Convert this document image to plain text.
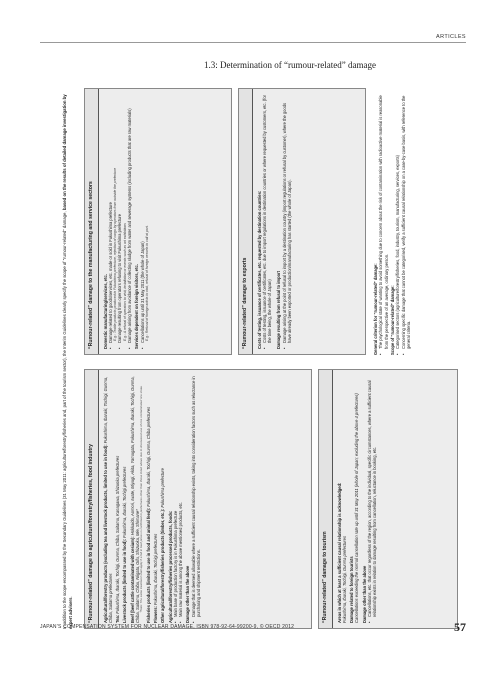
ARTICLES
1.3: Determination of “rumour-related” damage
In addition to the scope encompassed by the Secondary Guidelines (31 May 2011: agriculture/forestry/fisheries and, part of the tourism sector), the Interim Guidelines clearly specify the scope of “rumour-related” damage, based on the results of detailed damage investigation by expert advisers.	“Rumour-related” damage to agriculture/forestry/fisheries, food industry	Agricultural/forestry products (excluding tea and livestock products, limited to use in food): Fukushima, Ibaraki, Tochigi, Gunma, Chiba, Saitama prefectures Tea: Fukushima, Ibaraki, Tochigi, Gunma, Chiba, Saitama, Kanagawa, Shizuoka prefectures Livestock products (limited to use in food): Fukushima, Ibaraki, Tochigi prefectures
Beef (beef cattle contaminated with cesium): Hokkaido, Aomori, Iwate, Miyagi, Akita, Yamagata, Fukushima, Ibaraki, Tochigi, Gunma, Chiba, Saitama, Chiba, Niigata, Gifu, Shizuoka, Mie, Shimane* *Note: The same treatment shall apply if a fall in beef prices is confirmed in prefectures other than those listed above due to discovered use of rice contaminated rice straw. Fisheries products (limited to use in food and animal feed): Fukushima, Ibaraki, Tochigi, Gunma, Chiba prefectures
Flowers: Fukushima, Ibaraki, Tochigi prefectures Other agricultural/forestry/fisheries products (timber, etc.): Fukushima prefecture
Agricultural/forestry/fisheries processed products, foods: • Main base of production factory is in Fukushima prefecture • Main raw material is among the above mentioned products, etc. Damage other than the above • Damage that is deemed allowable where a sufficient causal relationship exists, taking into consideration factors such as reluctance in purchasing and shipment restrictions.	“Rumour-related” damage to tourism	Areas in which at least a sufficient causal relationship is acknowledged: Fukushima, Ibaraki, Tochigi, Gunma prefectures Damage related to foreign tourists Cancellations exceeding the normal cancellation rate up until 31 May 2011 (whole of Japan; excluding the above 4 prefectures) Damage other than the above • Cancellations, etc. that occur regardless of the region, according to the individual, specific circumstances, where a sufficient causal relationship exists in relation to damage resulting from cancellation, reluctance in booking, etc.
“Rumour-related” damage to the manufacturing and service sectors	Domestic manufacturing/services, etc. • Damage related to goods/services, etc. made or sold in Fukushima prefecture E.g.: Textile products produced in Fukushima prefecture, rejection of cargo by operators from outside the prefecture • Damage resulting from operators refusing to visit Fukushima prefecture E.g.: A refusal of operators to visit, installation or events such as art exhibitions • Damage arising from avoidance of collecting sludge from water and sewerage systems (including products that are raw materials) Services dependent on foreign visitors, etc. • Cancellations up until 31 May 2011 (the whole of Japan) E.g.: Refusal of foreign artists to visit, refusal of foreign vessels to call at port.	“Rumour-related” damage to exports	Costs of testing, issuance of certificates, etc. requested by destination countries: • Costs of testing, issuance of certificates, etc. due to import regulations in destination countries or where requested by customers, etc. (for the time being, the whole of Japan) Damage resulting from refusal to import • Damage arising at the point of refusal to import by a destination country (import regulations or refusal by customer), where the goods have already been exported or production/manufacturing has started (the whole of Japan).	General criterion for “rumour-related” damage: • The psychological state of wanting to avoid something due to concern about the risk of contamination with radioactive material is reasonable from the perspective of an average, ordinary person. Scope of “rumour-related” damage: • Categorised sectors (agriculture/forestry/fisheries, food, industry, tourism, manufacturing, services, exports) • Concerning specific damage that cannot be categorised, verify a sufficient causal relationship on a case-by-case basis, with reference to the general criteria.
JAPAN’S COMPENSATION SYSTEM FOR NUCLEAR DAMAGE, ISBN 978-92-64-99200-9, © OECD 2012	57
